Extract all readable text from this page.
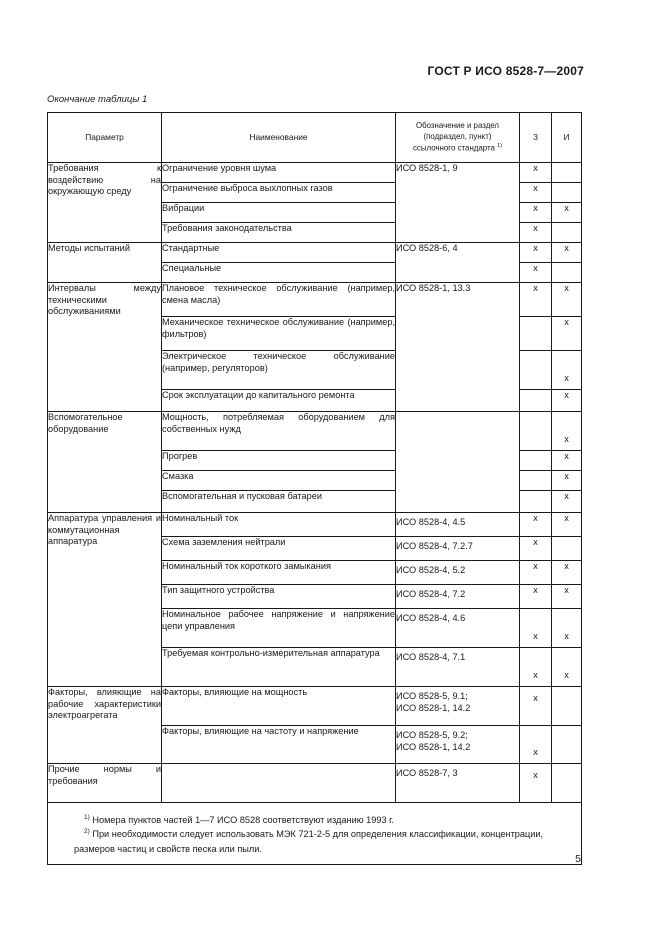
ГОСТ Р ИСО 8528-7—2007
Окончание таблицы 1
Параметр	Наименование	Обозначение и раздел
(подраздел, пункт)
ссылочного стандарта $^{1)}$	З	И
Требования к воздействию на окружающую среду	Ограничение уровня шума	ИСО 8528-1, 9	x	
	Ограничение выброса выхлопных газов		x	
	Вибрации		x	x
	Требования законодательства		x	
Методы испытаний	Стандартные	ИСО 8528-6, 4	x	x
	Специальные		x	
Интервалы между техническими обслуживаниями	Плановое техническое обслуживание (например, смена масла)	ИСО 8528-1, 13.3	x	x
	Механическое техническое обслуживание (например, фильтров)			x
	Электрическое техническое обслуживание (например, регуляторов)			x
	Срок эксплуатации до капитального ремонта			x
Вспомогательное оборудование	Мощность, потребляемая оборудованием для собственных нужд			x
	Прогрев			x
	Смазка			x
	Вспомогательная и пусковая батареи			x
Аппаратура управления и коммутационная аппаратура	Номинальный ток	ИСО 8528-4, 4.5	x	x
	Схема заземления нейтрали	ИСО 8528-4, 7.2.7	x	
	Номинальный ток короткого замыкания	ИСО 8528-4, 5.2	x	x
	Тип защитного устройства	ИСО 8528-4, 7.2	x	x
	Номинальное рабочее напряжение и напряжение цепи управления	ИСО 8528-4, 4.6	x	x
	Требуемая контрольно-измерительная аппаратура	ИСО 8528-4, 7.1	x	x
Факторы, влияющие на рабочие характеристики электроагрегата	Факторы, влияющие на мощность	ИСО 8528-5, 9.1;
ИСО 8528-1, 14.2	x	
	Факторы, влияющие на частоту и напряжение	ИСО 8528-5, 9.2;
ИСО 8528-1, 14.2	x	
Прочие нормы и требования		ИСО 8528-7, 3	x	

$^{1)}$ Номера пунктов частей 1—7 ИСО 8528 соответствуют изданию 1993 г.
$^{2)}$ При необходимости следует использовать МЭК 721-2-5 для определения классификации, концентрации, размеров частиц и свойств песка или пыли.				
5
